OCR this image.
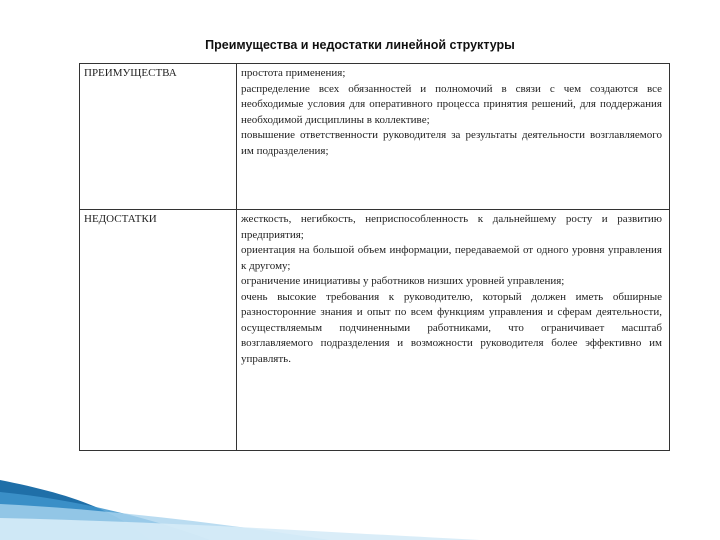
Преимущества и недостатки линейной структуры
ПРЕИМУЩЕСТВА	простота применения;
распределение всех обязанностей и полномочий в связи с чем создаются все необходимые условия для оперативного процесса принятия решений, для поддержания необходимой дисциплины в коллективе;
повышение ответственности руководителя за результаты деятельности возглавляемого им подразделения;

НЕДОСТАТКИ	жесткость, негибкость, неприспособленность к дальнейшему росту и развитию предприятия;
ориентация на большой объем информации, передаваемой от одного уровня управления к другому;
ограничение инициативы у работников низших уровней управления;
очень высокие требования к руководителю, который должен иметь обширные разносторонние знания и опыт по всем функциям управления и сферам деятельности, осуществляемым подчиненными работниками, что ограничивает масштаб возглавляемого подразделения и возможности руководителя более эффективно им управлять.
